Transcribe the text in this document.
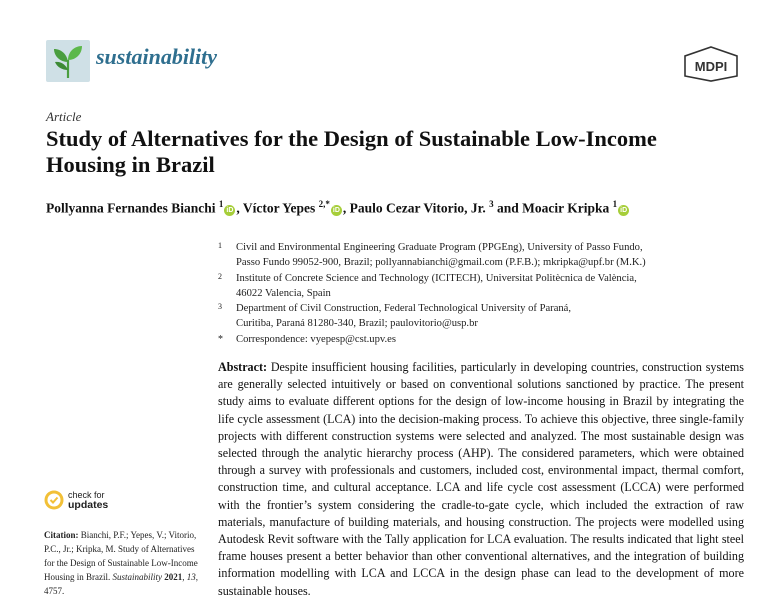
sustainability	MDPI
Article
Study of Alternatives for the Design of Sustainable Low-Income Housing in Brazil
Pollyanna Fernandes Bianchi $^1$iD , Víctor Yepes $^{2,*}$iD , Paulo Cezar Vitorio, Jr. $^3$ and Moacir Kripka $^1$iD
1 Civil and Environmental Engineering Graduate Program (PPGEng), University of Passo Fundo,
Passo Fundo 99052-900, Brazil; pollyannabianchi@gmail.com (P.F.B.); mkripka@upf.br (M.K.)
2 Institute of Concrete Science and Technology (ICITECH), Universitat Politècnica de València,
46022 Valencia, Spain
3 Department of Civil Construction, Federal Technological University of Paraná,
Curitiba, Paraná 81280-340, Brazil; paulovitorio@usp.br
* Correspondence: vyepesp@cst.upv.es
Abstract: Despite insufficient housing facilities, particularly in developing countries, construction systems are generally selected intuitively or based on conventional solutions sanctioned by practice. The present study aims to evaluate different options for the design of low-income housing in Brazil by integrating the life cycle assessment (LCA) into the decision-making process. To achieve this objective, three single-family projects with different construction systems were selected and analyzed. The most sustainable design was selected through the analytic hierarchy process (AHP). The considered parameters, which were obtained through a survey with professionals and customers, included cost, environmental impact, thermal comfort, construction time, and cultural acceptance. LCA and life cycle cost assessment (LCCA) were performed with the frontier’s system considering the cradle-to-gate cycle, which included the extraction of raw materials, manufacture of building materials, and housing construction. The projects were modelled using Autodesk Revit software with the Tally application for LCA evaluation. The results indicated that light steel frame houses present a better behavior than other conventional alternatives, and the integration of building information modelling with LCA and LCCA in the design phase can lead to the development of more sustainable houses.
check for
updates
Citation: Bianchi, P.F.; Yepes, V.; Vitorio, P.C., Jr.; Kripka, M. Study of Alternatives for the Design of Sustainable Low-Income Housing in Brazil. Sustainability 2021, 13, 4757.
